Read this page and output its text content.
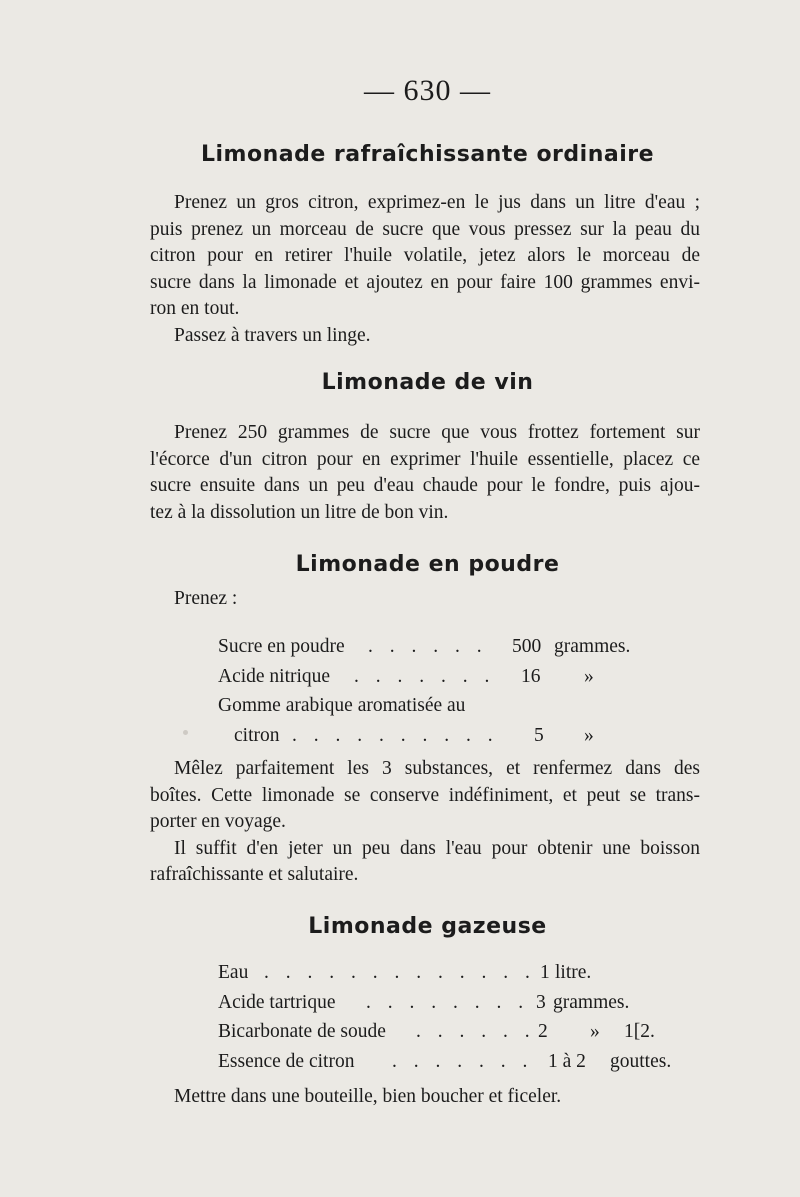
— 630 —
Limonade rafraîchissante ordinaire
Prenez un gros citron, exprimez-en le jus dans un litre d'eau ;
puis prenez un morceau de sucre que vous pressez sur la peau du
citron pour en retirer l'huile volatile, jetez alors le morceau de
sucre dans la limonade et ajoutez en pour faire 100 grammes envi-
ron en tout.
Passez à travers un linge.
Limonade de vin
Prenez 250 grammes de sucre que vous frottez fortement sur
l'écorce d'un citron pour en exprimer l'huile essentielle, placez ce
sucre ensuite dans un peu d'eau chaude pour le fondre, puis ajou-
tez à la dissolution un litre de bon vin.
Limonade en poudre
Prenez :
Sucre en poudre . . . . . . 500 grammes.
Acide nitrique . . . . . . . 16 »
Gomme arabique aromatisée au
citron . . . . . . . . . . 5 »
Mêlez parfaitement les 3 substances, et renfermez dans des
boîtes. Cette limonade se conserve indéfiniment, et peut se trans-
porter en voyage.
Il suffit d'en jeter un peu dans l'eau pour obtenir une boisson
rafraîchissante et salutaire.
Limonade gazeuse
Eau . . . . . . . . . . . . . 1 litre.
Acide tartrique . . . . . . . . 3 grammes.
Bicarbonate de soude . . . . . . 2 » 1[2.
Essence de citron . . . . . . . 1 à 2 gouttes.
Mettre dans une bouteille, bien boucher et ficeler.
